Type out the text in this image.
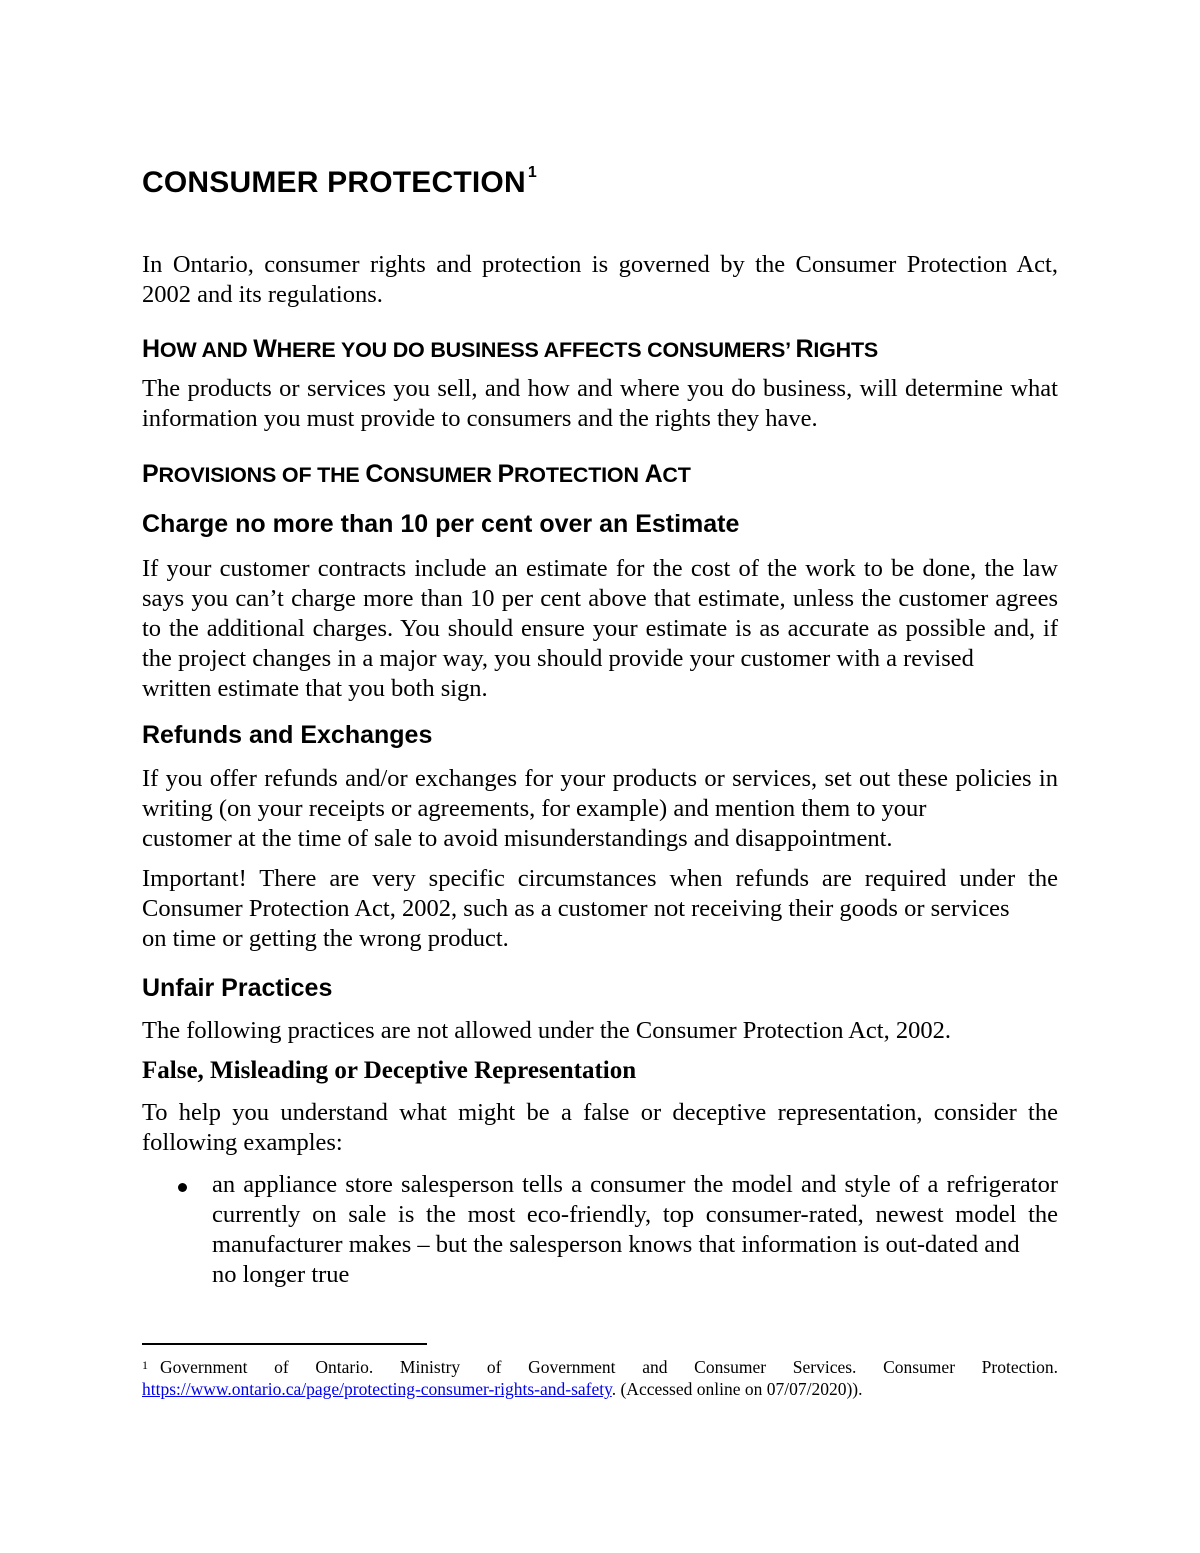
CONSUMER PROTECTION $^1$
In Ontario, consumer rights and protection is governed by the Consumer Protection Act,
2002 and its regulations.
HOW AND WHERE YOU DO BUSINESS AFFECTS CONSUMERS’ RIGHTS
The products or services you sell, and how and where you do business, will determine what
information you must provide to consumers and the rights they have.
PROVISIONS OF THE CONSUMER PROTECTION ACT
Charge no more than 10 per cent over an Estimate
If your customer contracts include an estimate for the cost of the work to be done, the law says you can’t charge more than 10 per cent above that estimate, unless the customer agrees to the additional charges. You should ensure your estimate is as accurate as possible and, if the project changes in a major way, you should provide your customer with a revised
written estimate that you both sign.
Refunds and Exchanges
If you offer refunds and/or exchanges for your products or services, set out these policies in writing (on your receipts or agreements, for example) and mention them to your
customer at the time of sale to avoid misunderstandings and disappointment.
Important! There are very specific circumstances when refunds are required under the Consumer Protection Act, 2002, such as a customer not receiving their goods or services
on time or getting the wrong product.
Unfair Practices
The following practices are not allowed under the Consumer Protection Act, 2002.
False, Misleading or Deceptive Representation
To help you understand what might be a false or deceptive representation, consider the
following examples:
an appliance store salesperson tells a consumer the model and style of a refrigerator currently on sale is the most eco-friendly, top consumer-rated, newest model the manufacturer makes – but the salesperson knows that information is out-dated and
no longer true
$^1$ Government of Ontario. Ministry of Government and Consumer Services. Consumer Protection.
https://www.ontario.ca/page/protecting-consumer-rights-and-safety. (Accessed online on 07/07/2020)).
